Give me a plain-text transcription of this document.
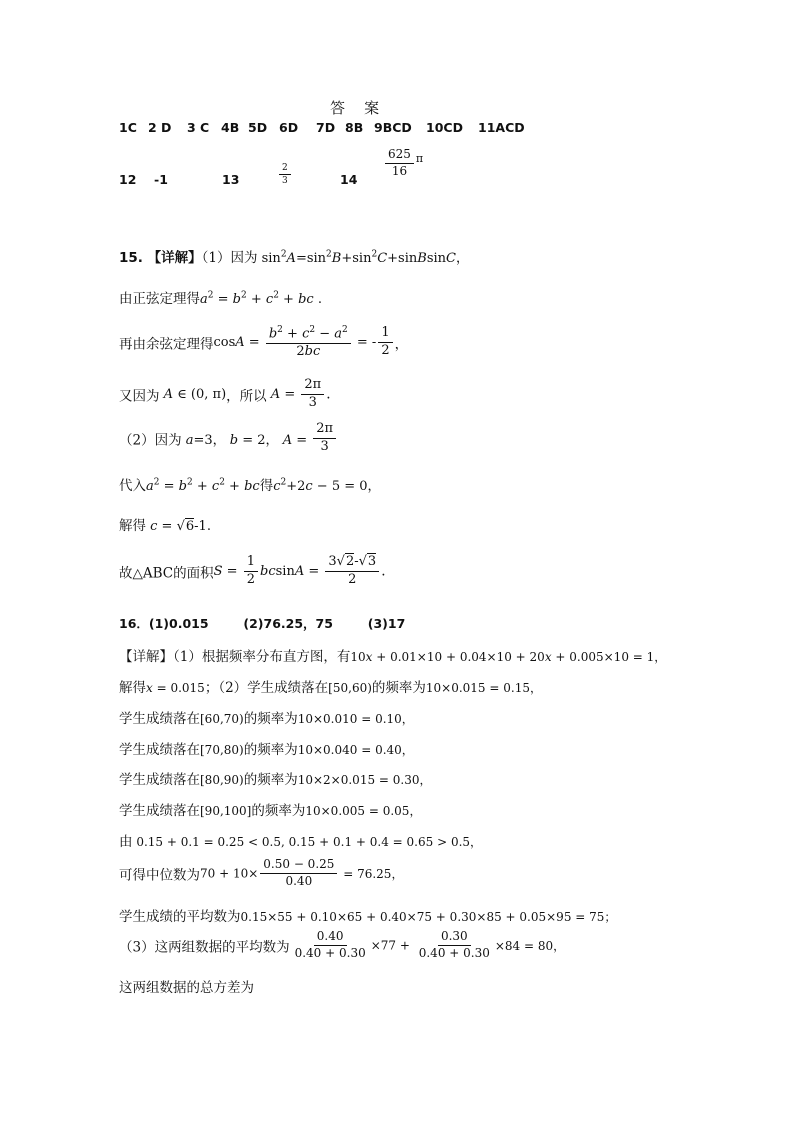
答    案
1C 2 D 3 C 4B 5D 6D 7D 8B 9BCD 10CD 11ACD
12 -1	13	$\frac{2}{3}$	14
$\frac{625}{16}$ π
15. 【详解】（1）因为 $\sin^2A=\sin^2B+\sin^2C+sinBsinC$，
由正弦定理得$a^2 = b^2 + c^2$ + bc .
再由余弦定理得$\cos A = \frac{b^2 + c^2 - a^2}{2bc}$ = - $\frac{1}{2}$ ，
又因为 A ∈ (0, π)，所以 $A = \frac{2\pi}{3}$ .
（2）因为 a=3， b = 2， $A = \frac{2\pi}{3}$
代入$a^2 = b^2 + c^2$ + bc得$c^2+2c - 5 = 0$，
解得 c = √6-1.
故△ABC的面积$S = \frac{1}{2}$ $bcsinA = \frac{3√2-√3}{2}$ .
16．(1)0.015        (2)76.25，75        (3)17
【详解】（1）根据频率分布直方图，有10x + 0.01×10 + 0.04×10 + 20x + 0.005×10 = 1，
解得x = 0.015；（2）学生成绩落在[50,60)的频率为10×0.015 = 0.15，
学生成绩落在[60,70)的频率为10×0.010 = 0.10，
学生成绩落在[70,80)的频率为10×0.040 = 0.40，
学生成绩落在[80,90)的频率为10×2×0.015 = 0.30，
学生成绩落在[90,100]的频率为10×0.005 = 0.05，
由 0.15 + 0.1 = 0.25 < 0.5, 0.15 + 0.1 + 0.4 = 0.65 > 0.5，
可得中位数为$70 + 10\times \frac{0.50 - 0.25}{0.40} = 76.25$，
学生成绩的平均数为0.15×55 + 0.10×65 + 0.40×75 + 0.30×85 + 0.05×95 = 75；
（3）这两组数据的平均数为 $\frac{0.40}{0.40 + 0.30} \times 77 + \frac{0.30}{0.40 + 0.30} \times 84 = 80$，
这两组数据的总方差为
